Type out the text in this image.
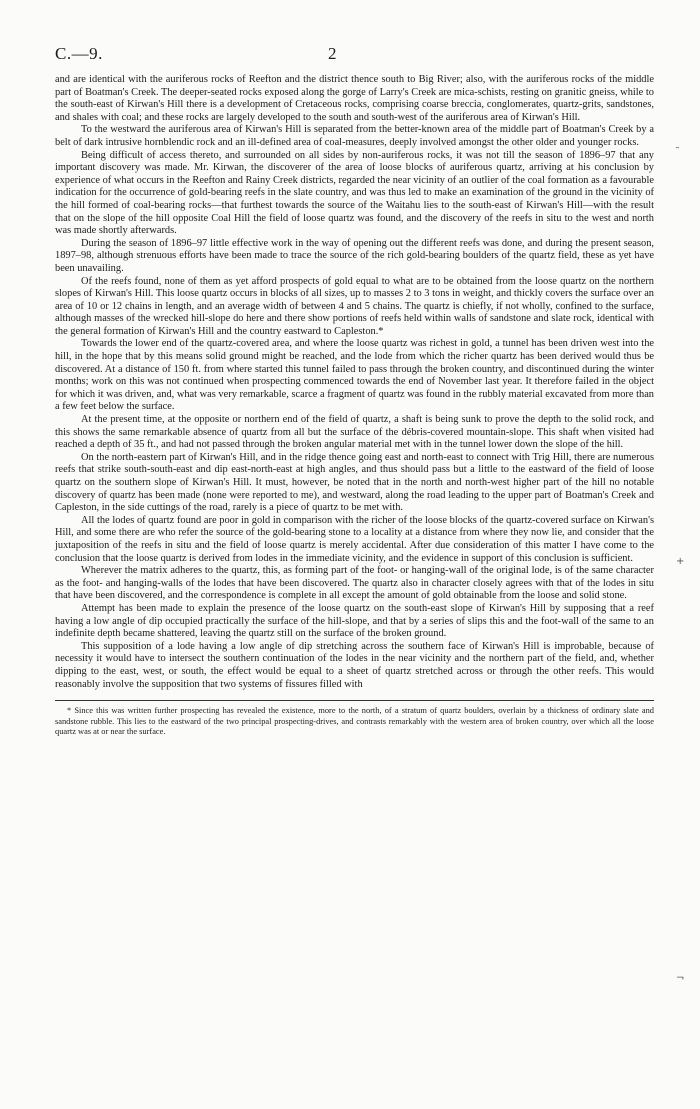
C.—9.	2

and are identical with the auriferous rocks of Reefton and the district thence south to Big River; also, with the auriferous rocks of the middle part of Boatman's Creek. The deeper-seated rocks exposed along the gorge of Larry's Creek are mica-schists, resting on granitic gneiss, while to the south-east of Kirwan's Hill there is a development of Cretaceous rocks, comprising coarse breccia, conglomerates, quartz-grits, sandstones, and shales with coal; and these rocks are largely developed to the south and south-west of the auriferous area of Kirwan's Hill.

To the westward the auriferous area of Kirwan's Hill is separated from the better-known area of the middle part of Boatman's Creek by a belt of dark intrusive hornblendic rock and an ill-defined area of coal-measures, deeply involved amongst the other older and younger rocks.

Being difficult of access thereto, and surrounded on all sides by non-auriferous rocks, it was not till the season of 1896–97 that any important discovery was made. Mr. Kirwan, the discoverer of the area of loose blocks of auriferous quartz, arriving at his conclusion by experience of what occurs in the Reefton and Rainy Creek districts, regarded the near vicinity of an outlier of the coal formation as a favourable indication for the occurrence of gold-bearing reefs in the slate country, and was thus led to make an examination of the ground in the vicinity of the hill formed of coal-bearing rocks—that furthest towards the source of the Waitahu lies to the south-east of Kirwan's Hill—with the result that on the slope of the hill opposite Coal Hill the field of loose quartz was found, and the discovery of the reefs in situ to the west and north was made shortly afterwards.

During the season of 1896–97 little effective work in the way of opening out the different reefs was done, and during the present season, 1897–98, although strenuous efforts have been made to trace the source of the rich gold-bearing boulders of the quartz field, these as yet have been unavailing.

Of the reefs found, none of them as yet afford prospects of gold equal to what are to be obtained from the loose quartz on the northern slopes of Kirwan's Hill. This loose quartz occurs in blocks of all sizes, up to masses 2 to 3 tons in weight, and thickly covers the surface over an area of 10 or 12 chains in length, and an average width of between 4 and 5 chains. The quartz is chiefly, if not wholly, confined to the surface, although masses of the wrecked hill-slope do here and there show portions of reefs held within walls of sandstone and slate rock, identical with the general formation of Kirwan's Hill and the country eastward to Capleston.*

Towards the lower end of the quartz-covered area, and where the loose quartz was richest in gold, a tunnel has been driven west into the hill, in the hope that by this means solid ground might be reached, and the lode from which the richer quartz has been derived would thus be discovered. At a distance of 150 ft. from where started this tunnel failed to pass through the broken country, and discontinued during the winter months; work on this was not continued when prospecting commenced towards the end of November last year. It therefore failed in the object for which it was driven, and, what was very remarkable, scarce a fragment of quartz was found in the rubbly material excavated from more than a few feet below the surface.

At the present time, at the opposite or northern end of the field of quartz, a shaft is being sunk to prove the depth to the solid rock, and this shows the same remarkable absence of quartz from all but the surface of the débris-covered mountain-slope. This shaft when visited had reached a depth of 35 ft., and had not passed through the broken angular material met with in the tunnel lower down the slope of the hill.

On the north-eastern part of Kirwan's Hill, and in the ridge thence going east and north-east to connect with Trig Hill, there are numerous reefs that strike south-south-east and dip east-north-east at high angles, and thus should pass but a little to the eastward of the field of loose quartz on the southern slope of Kirwan's Hill. It must, however, be noted that in the north and north-west higher part of the hill no notable discovery of quartz has been made (none were reported to me), and westward, along the road leading to the upper part of Boatman's Creek and Capleston, in the side cuttings of the road, rarely is a piece of quartz to be met with.

All the lodes of quartz found are poor in gold in comparison with the richer of the loose blocks of the quartz-covered surface on Kirwan's Hill, and some there are who refer the source of the gold-bearing stone to a locality at a distance from where they now lie, and consider that the juxtaposition of the reefs in situ and the field of loose quartz is merely accidental. After due consideration of this matter I have come to the conclusion that the loose quartz is derived from lodes in the immediate vicinity, and the evidence in support of this conclusion is sufficient.

Wherever the matrix adheres to the quartz, this, as forming part of the foot- or hanging-wall of the original lode, is of the same character as the foot- and hanging-walls of the lodes that have been discovered. The quartz also in character closely agrees with that of the lodes in situ that have been discovered, and the correspondence is complete in all except the amount of gold obtainable from the loose and solid stone.

Attempt has been made to explain the presence of the loose quartz on the south-east slope of Kirwan's Hill by supposing that a reef having a low angle of dip occupied practically the surface of the hill-slope, and that by a series of slips this and the foot-wall of the same to an indefinite depth became shattered, leaving the quartz still on the surface of the broken ground.

This supposition of a lode having a low angle of dip stretching across the southern face of Kirwan's Hill is improbable, because of necessity it would have to intersect the southern continuation of the lodes in the near vicinity and the northern part of the field, and, whether dipping to the east, west, or south, the effect would be equal to a sheet of quartz stretched across or through the other reefs. This would reasonably involve the supposition that two systems of fissures filled with

* Since this was written further prospecting has revealed the existence, more to the north, of a stratum of quartz boulders, overlain by a thickness of ordinary slate and sandstone rubble. This lies to the eastward of the two principal prospecting-drives, and contrasts remarkably with the western area of broken country, over which all the loose quartz was at or near the surface.

˷
+
¬
